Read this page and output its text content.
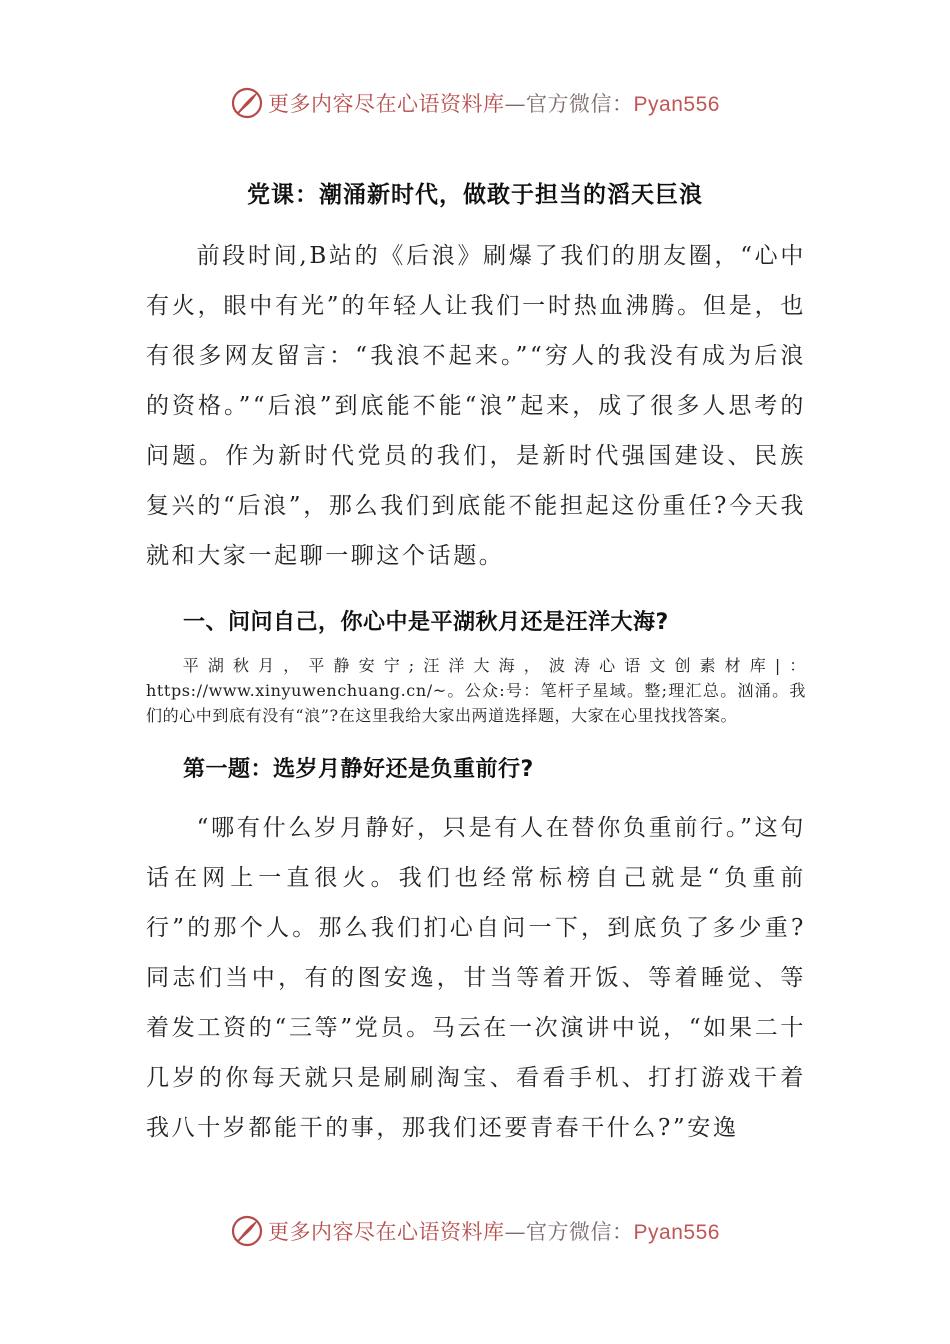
更多内容尽在心语资料库—官方微信：Pyan556
党课：潮涌新时代，做敢于担当的滔天巨浪
前段时间,B站的《后浪》刷爆了我们的朋友圈，“心中有火，眼中有光”的年轻人让我们一时热血沸腾。但是，也有很多网友留言：“我浪不起来。”“穷人的我没有成为后浪的资格。”“后浪”到底能不能“浪”起来，成了很多人思考的问题。作为新时代党员的我们，是新时代强国建设、民族复兴的“后浪”，那么我们到底能不能担起这份重任?今天我就和大家一起聊一聊这个话题。
一、问问自己，你心中是平湖秋月还是汪洋大海?
平湖秋月，平静安宁;汪洋大海，波涛心语文创素材库|：https://www.xinyuwenchuang.cn/~。公众:号：笔杆子星域。整;理汇总。汹涌。我们的心中到底有没有“浪”?在这里我给大家出两道选择题，大家在心里找找答案。
第一题：选岁月静好还是负重前行?
“哪有什么岁月静好，只是有人在替你负重前行。”这句话在网上一直很火。我们也经常标榜自己就是“负重前行”的那个人。那么我们扪心自问一下，到底负了多少重?同志们当中，有的图安逸，甘当等着开饭、等着睡觉、等着发工资的“三等”党员。马云在一次演讲中说，“如果二十几岁的你每天就只是刷刷淘宝、看看手机、打打游戏干着我八十岁都能干的事，那我们还要青春干什么?”安逸
更多内容尽在心语资料库—官方微信：Pyan556
